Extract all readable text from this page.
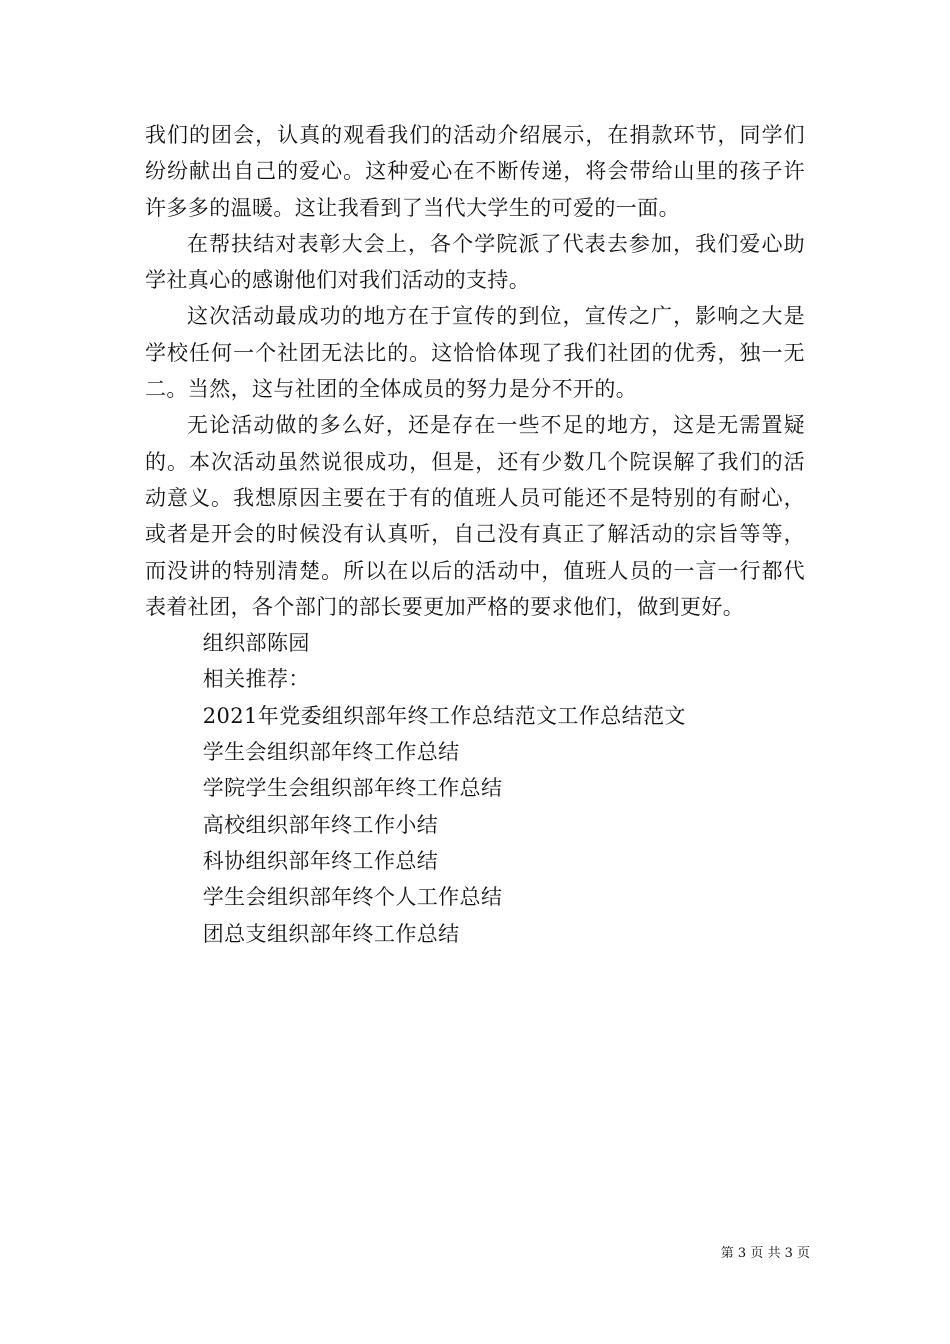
我们的团会，认真的观看我们的活动介绍展示，在捐款环节，同学们纷纷献出自己的爱心。这种爱心在不断传递，将会带给山里的孩子许许多多的温暖。这让我看到了当代大学生的可爱的一面。

在帮扶结对表彰大会上，各个学院派了代表去参加，我们爱心助学社真心的感谢他们对我们活动的支持。

这次活动最成功的地方在于宣传的到位，宣传之广，影响之大是学校任何一个社团无法比的。这恰恰体现了我们社团的优秀，独一无二。当然，这与社团的全体成员的努力是分不开的。

无论活动做的多么好，还是存在一些不足的地方，这是无需置疑的。本次活动虽然说很成功，但是，还有少数几个院误解了我们的活动意义。我想原因主要在于有的值班人员可能还不是特别的有耐心，或者是开会的时候没有认真听，自己没有真正了解活动的宗旨等等，而没讲的特别清楚。所以在以后的活动中，值班人员的一言一行都代表着社团，各个部门的部长要更加严格的要求他们，做到更好。

组织部陈园

相关推荐：

2021年党委组织部年终工作总结范文工作总结范文
学生会组织部年终工作总结
学院学生会组织部年终工作总结
高校组织部年终工作小结
科协组织部年终工作总结
学生会组织部年终个人工作总结
团总支组织部年终工作总结
第 3 页 共 3 页
